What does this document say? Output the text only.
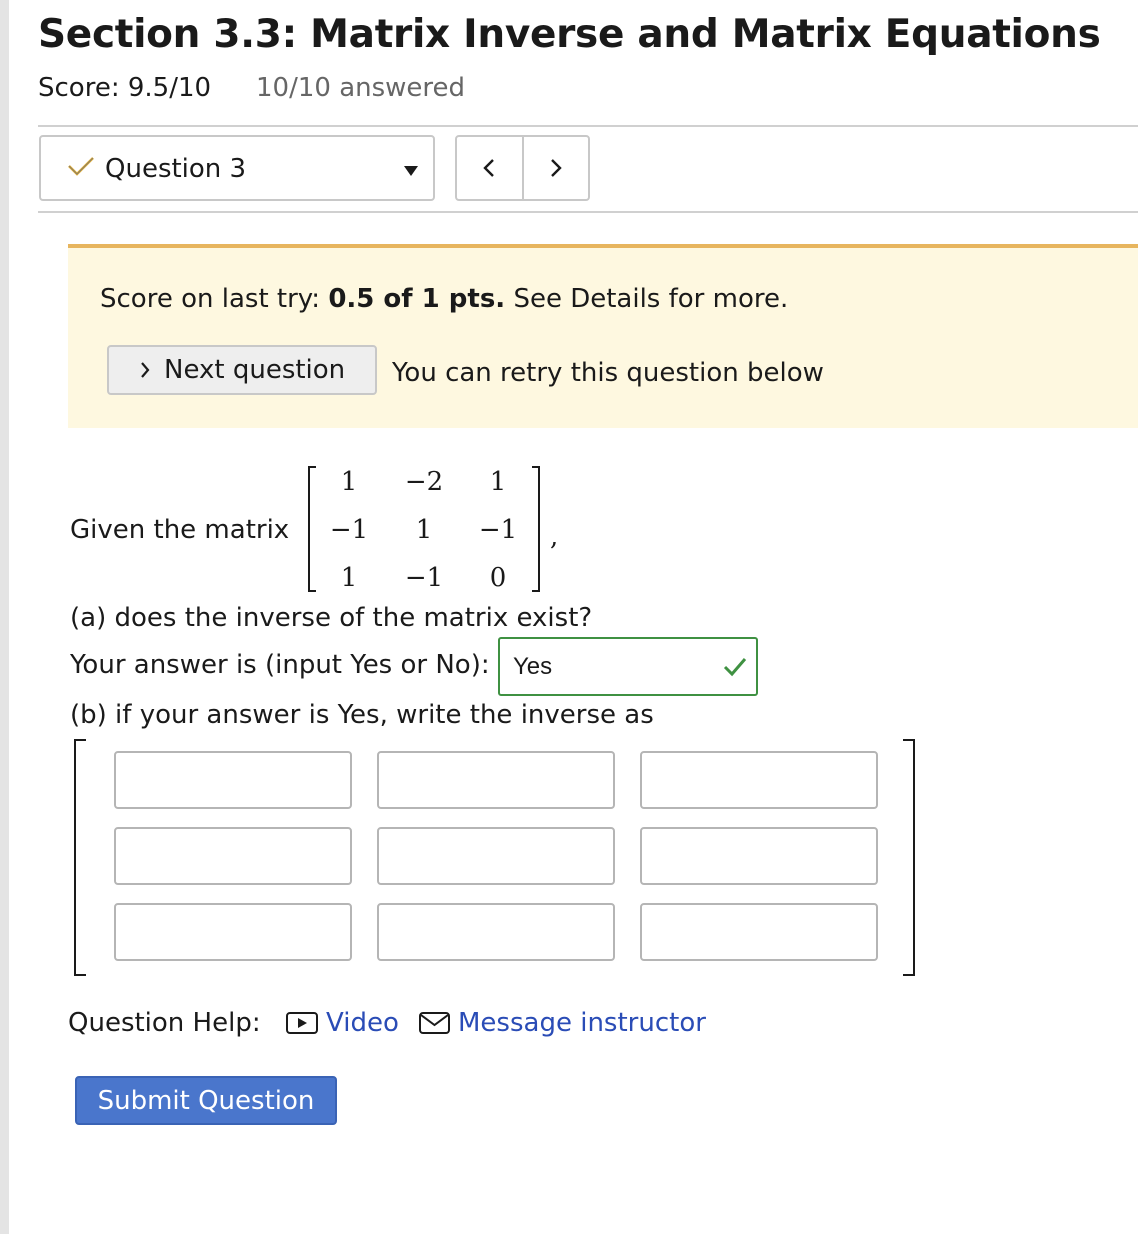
Section 3.3: Matrix Inverse and Matrix Equations
Score: 9.5/10 10/10 answered
Question 3
Score on last try: 0.5 of 1 pts. See Details for more.
Next question You can retry this question below
Given the matrix
1 −2 1
−1 1 −1
1 −1 0
,
(a) does the inverse of the matrix exist?
Your answer is (input Yes or No): Yes
(b) if your answer is Yes, write the inverse as
Question Help:	Video Message instructor
Submit Question
